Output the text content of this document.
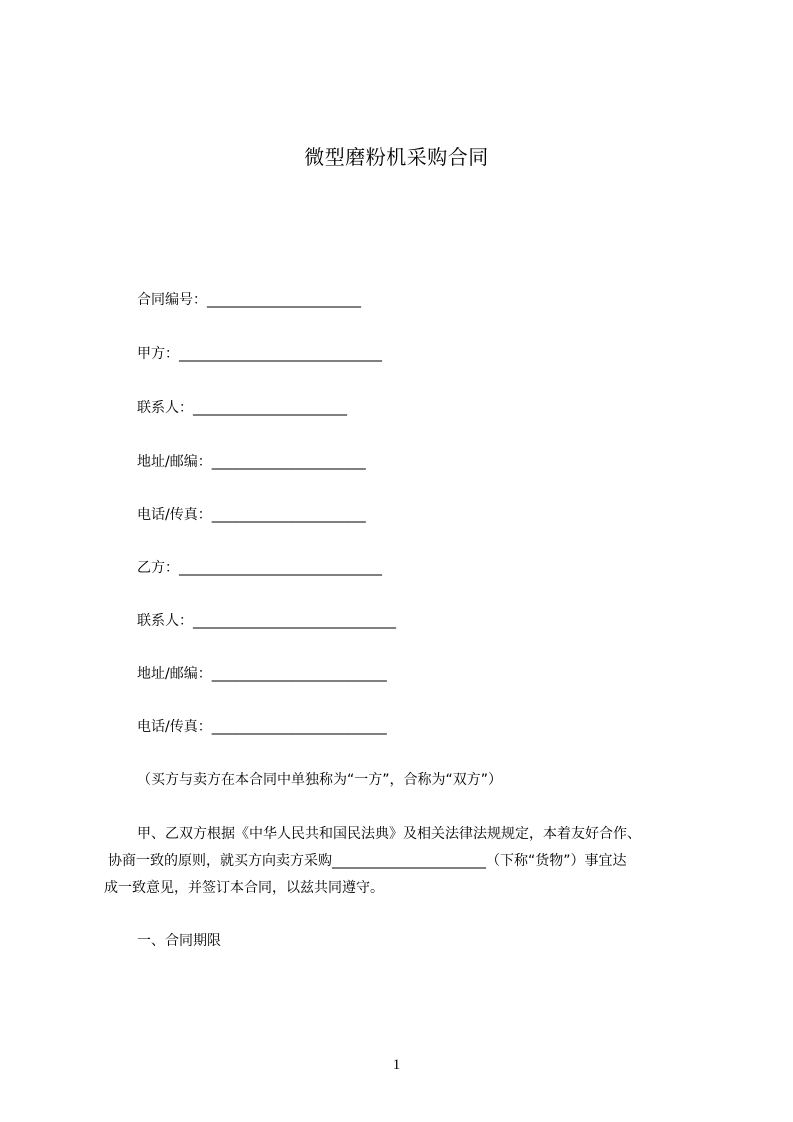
微型磨粉机采购合同
合同编号：______________________
甲方：_____________________________
联系人：______________________
地址/邮编：______________________
电话/传真：______________________
乙方：_____________________________
联系人：_____________________________
地址/邮编：_________________________
电话/传真：_________________________
（买方与卖方在本合同中单独称为“一方”，合称为“双方”）
甲、乙双方根据《中华人民共和国民法典》及相关法律法规规定，本着友好合作、
协商一致的原则，就买方向卖方采购______________________（下称“货物”）事宜达
成一致意见，并签订本合同，以兹共同遵守。
一、合同期限
1
